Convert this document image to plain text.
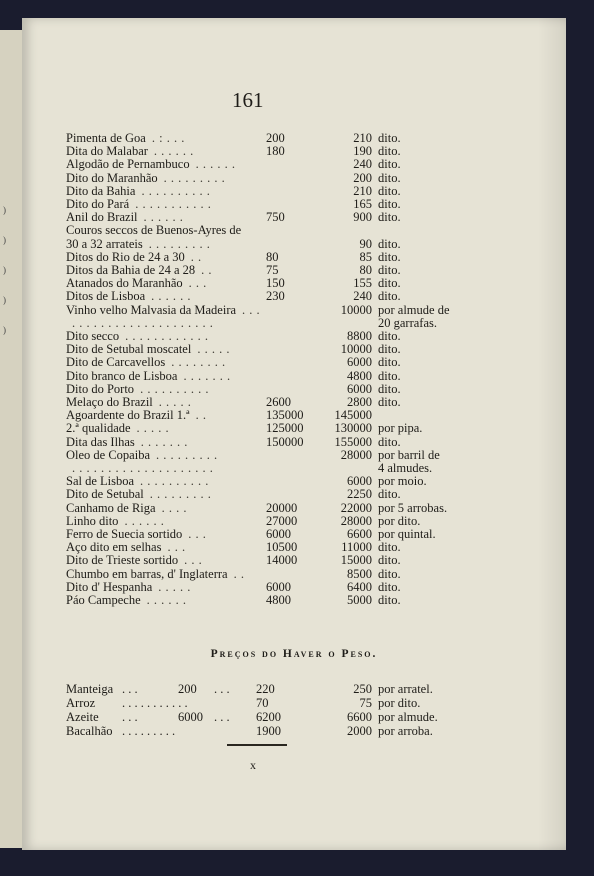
)
)
)
)
)
161
Pimenta de Goa . : . . .	200	210 dito.
Dita do Malabar . . . . . .	180	190 dito.
Algodão de Pernambuco . . . . . .	240 dito.
Dito do Maranhão . . . . . . . . .	200 dito.
Dito da Bahia . . . . . . . . . .	210 dito.
Dito do Pará . . . . . . . . . . .	165 dito.
Anil do Brazil . . . . . .	750	900 dito.
Couros seccos de Buenos-Ayres de
30 a 32 arrateis . . . . . . . . .	90 dito.
Ditos do Rio de 24 a 30 . .	80	85 dito.
Ditos da Bahia de 24 a 28 . .	75	80 dito.
Atanados do Maranhão . . .	150	155 dito.
Ditos de Lisboa . . . . . .	230	240 dito.
Vinho velho Malvasia da Madeira . . .	10000 por almude de
. . . . . . . . . . . . . . . . . . . .	20 garrafas.
Dito secco . . . . . . . . . . . .	8800 dito.
Dito de Setubal moscatel . . . . .	10000 dito.
Dito de Carcavellos . . . . . . . .	6000 dito.
Dito branco de Lisboa . . . . . . .	4800 dito.
Dito do Porto . . . . . . . . . .	6000 dito.
Melaço do Brazil . . . . .	2600	2800 dito.
Agoardente do Brazil 1.ª . .	135000	145000
2.ª qualidade . . . . .	125000	130000 por pipa.
Dita das Ilhas . . . . . . .	150000	155000 dito.
Oleo de Copaiba . . . . . . . . .	28000 por barril de
. . . . . . . . . . . . . . . . . . . .	4 almudes.
Sal de Lisboa . . . . . . . . . .	6000 por moio.
Dito de Setubal . . . . . . . . .	2250 dito.
Canhamo de Riga . . . .	20000	22000 por 5 arrobas.
Linho dito . . . . . .	27000	28000 por dito.
Ferro de Suecia sortido . . .	6000	6600 por quintal.
Aço dito em selhas . . .	10500	11000 dito.
Dito de Trieste sortido . . .	14000	15000 dito.
Chumbo em barras, d' Inglaterra . .	8500 dito.
Dito d' Hespanha . . . . .	6000	6400 dito.
Páo Campeche . . . . . .	4800	5000 dito.
Preços do Haver o Peso.
Manteiga . . .	200 . . . 220	250 por arratel.
Arroz . . . . . . . . . . .	70	75 por dito.
Azeite . . .	6000 . . . 6200	6600 por almude.
Bacalhão . . . . . . . . .	1900	2000 por arroba.
x
